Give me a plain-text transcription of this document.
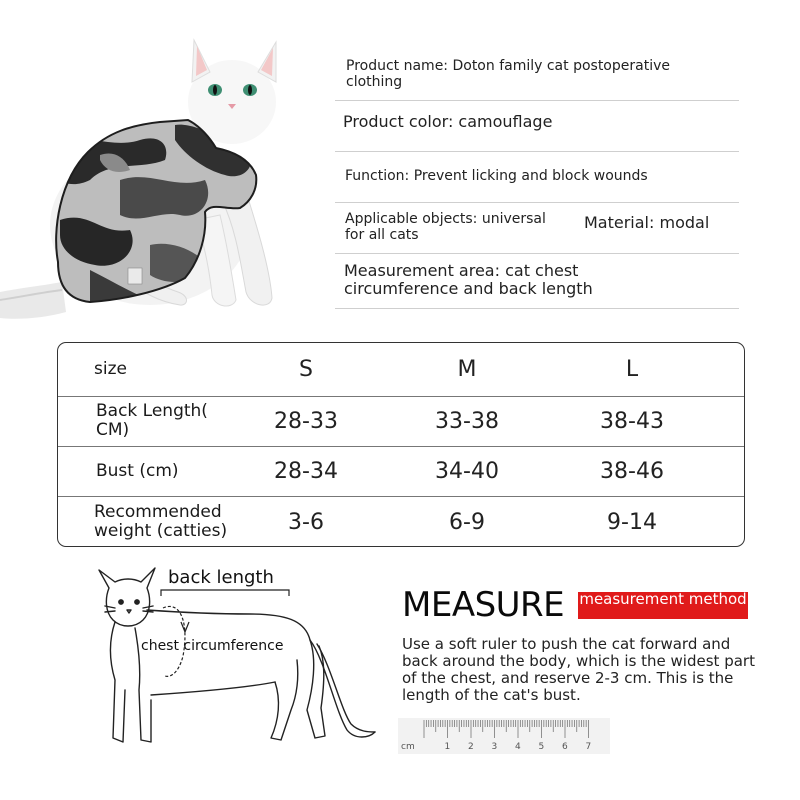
Product name: Doton family cat postoperative clothing
Product color: camouflage
Function: Prevent licking and block wounds
Applicable objects: universal for all cats
Material: modal
Measurement area: cat chest circumference and back length
size	S	M	L
Back Length( CM)	28-33	33-38	38-43
Bust (cm)	28-34	34-40	38-46
Recommended weight (catties)	3-6	6-9	9-14
back length
chest circumference
MEASURE measurement method
Use a soft ruler to push the cat forward and back around the body, which is the widest part of the chest, and reserve 2-3 cm. This is the length of the cat's bust.
cm	1 2 3 4 5 6 7
